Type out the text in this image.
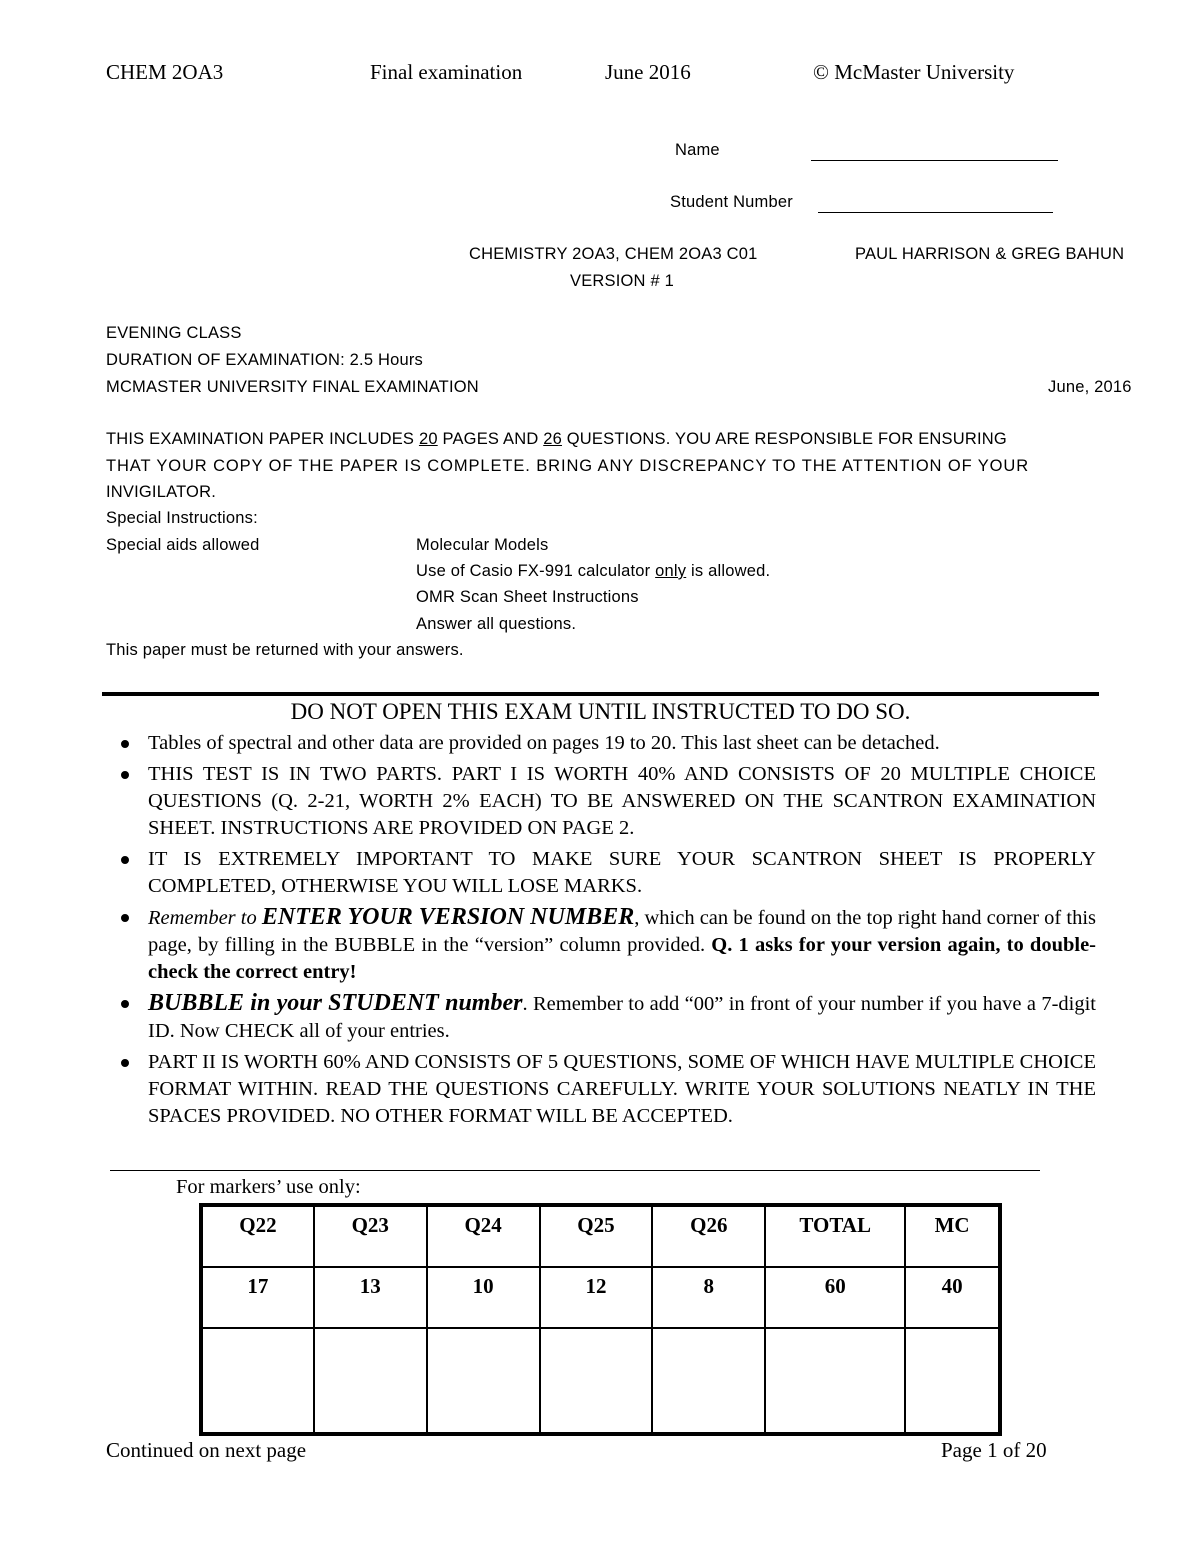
CHEM 2OA3	Final examination	June 2016	© McMaster University
Name
Student Number
CHEMISTRY 2OA3, CHEM 2OA3 C01	PAUL HARRISON & GREG BAHUN
VERSION # 1
EVENING CLASS
DURATION OF EXAMINATION: 2.5 Hours
MCMASTER UNIVERSITY FINAL EXAMINATION	June, 2016
THIS EXAMINATION PAPER INCLUDES 20 PAGES AND 26 QUESTIONS. YOU ARE RESPONSIBLE FOR ENSURING
THAT YOUR COPY OF THE PAPER IS COMPLETE. BRING ANY DISCREPANCY TO THE ATTENTION OF YOUR
INVIGILATOR.
Special Instructions:
Special aids allowed	Molecular Models
Use of Casio FX-991 calculator only is allowed.
OMR Scan Sheet Instructions
Answer all questions.
This paper must be returned with your answers.
DO NOT OPEN THIS EXAM UNTIL INSTRUCTED TO DO SO.
Tables of spectral and other data are provided on pages 19 to 20. This last sheet can be detached.
THIS TEST IS IN TWO PARTS. PART I IS WORTH 40% AND CONSISTS OF 20 MULTIPLE CHOICE QUESTIONS (Q. 2-21, WORTH 2% EACH) TO BE ANSWERED ON THE SCANTRON EXAMINATION SHEET. INSTRUCTIONS ARE PROVIDED ON PAGE 2.
IT IS EXTREMELY IMPORTANT TO MAKE SURE YOUR SCANTRON SHEET IS PROPERLY COMPLETED, OTHERWISE YOU WILL LOSE MARKS.
Remember to ENTER YOUR VERSION NUMBER, which can be found on the top right hand corner of this page, by filling in the BUBBLE in the “version” column provided. Q. 1 asks for your version again, to double-check the correct entry!
BUBBLE in your STUDENT number. Remember to add “00” in front of your number if you have a 7-digit ID. Now CHECK all of your entries.
PART II IS WORTH 60% AND CONSISTS OF 5 QUESTIONS, SOME OF WHICH HAVE MULTIPLE CHOICE FORMAT WITHIN. READ THE QUESTIONS CAREFULLY. WRITE YOUR SOLUTIONS NEATLY IN THE SPACES PROVIDED. NO OTHER FORMAT WILL BE ACCEPTED.
For markers’ use only:
Q22	Q23	Q24	Q25	Q26	TOTAL	MC
17	13	10	12	8	60	40

Continued on next page	Page 1 of 20
